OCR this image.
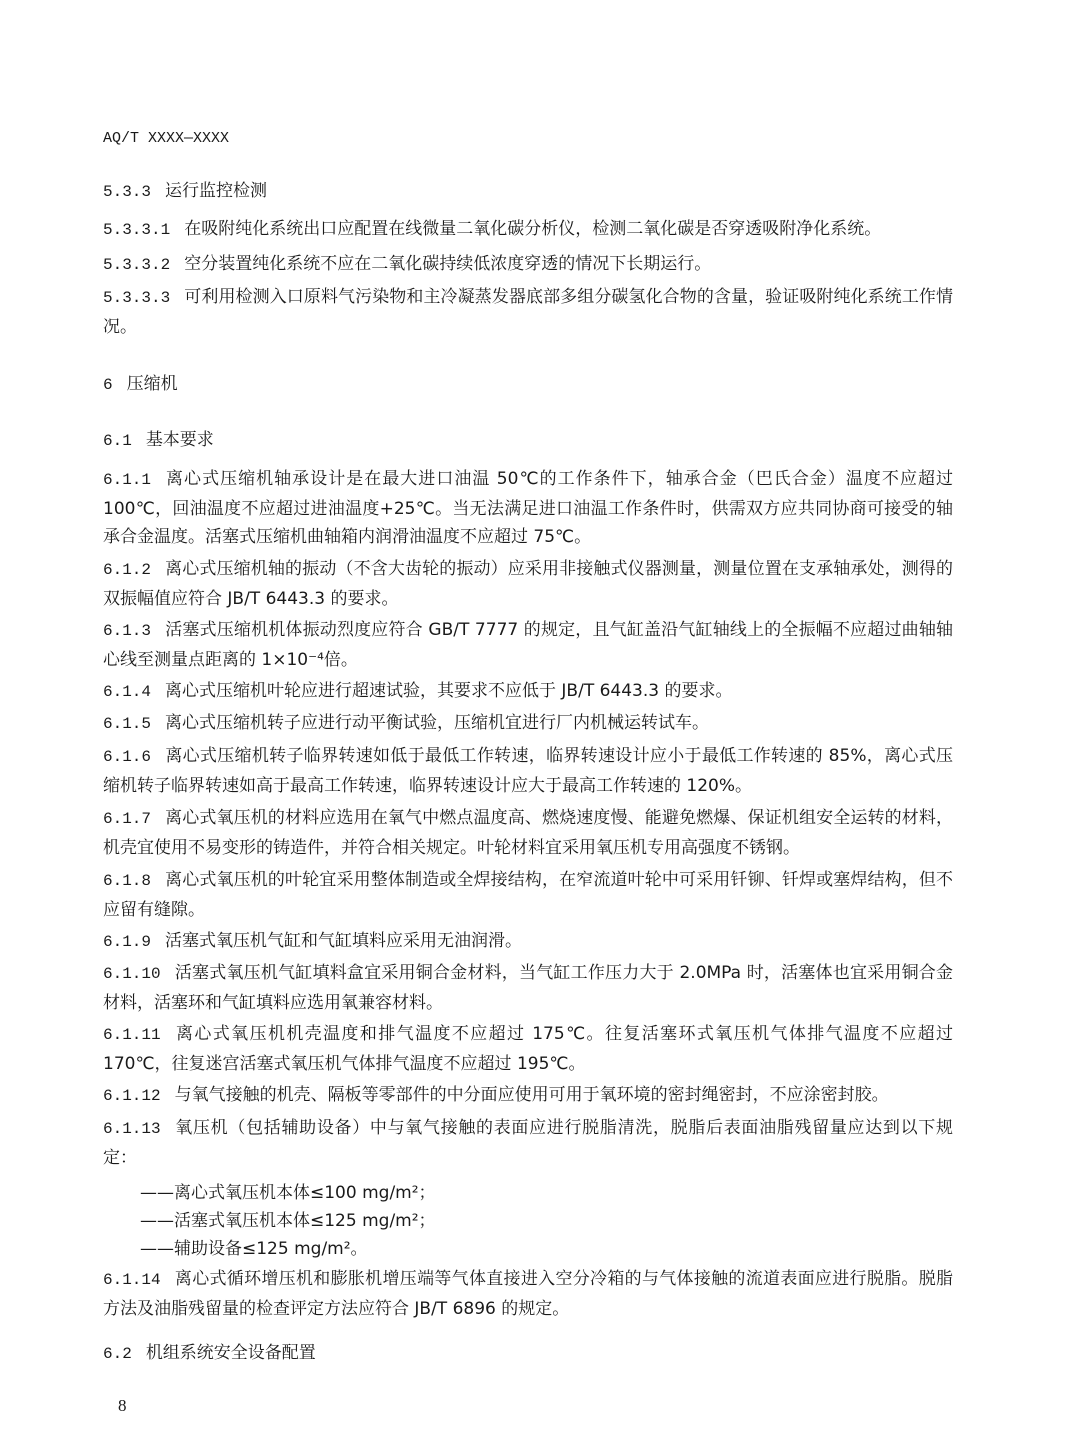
AQ/T XXXX—XXXX
5.3.3 运行监控检测
5.3.3.1 在吸附纯化系统出口应配置在线微量二氧化碳分析仪，检测二氧化碳是否穿透吸附净化系统。
5.3.3.2 空分装置纯化系统不应在二氧化碳持续低浓度穿透的情况下长期运行。
5.3.3.3 可利用检测入口原料气污染物和主冷凝蒸发器底部多组分碳氢化合物的含量，验证吸附纯化系统工作情况。
6 压缩机
6.1 基本要求
6.1.1 离心式压缩机轴承设计是在最大进口油温 50℃的工作条件下，轴承合金（巴氏合金）温度不应超过 100℃，回油温度不应超过进油温度+25℃。当无法满足进口油温工作条件时，供需双方应共同协商可接受的轴承合金温度。活塞式压缩机曲轴箱内润滑油温度不应超过 75℃。
6.1.2 离心式压缩机轴的振动（不含大齿轮的振动）应采用非接触式仪器测量，测量位置在支承轴承处，测得的双振幅值应符合 JB/T 6443.3 的要求。
6.1.3 活塞式压缩机机体振动烈度应符合 GB/T 7777 的规定，且气缸盖沿气缸轴线上的全振幅不应超过曲轴轴心线至测量点距离的 1×10⁻⁴倍。
6.1.4 离心式压缩机叶轮应进行超速试验，其要求不应低于 JB/T 6443.3 的要求。
6.1.5 离心式压缩机转子应进行动平衡试验，压缩机宜进行厂内机械运转试车。
6.1.6 离心式压缩机转子临界转速如低于最低工作转速，临界转速设计应小于最低工作转速的 85%，离心式压缩机转子临界转速如高于最高工作转速，临界转速设计应大于最高工作转速的 120%。
6.1.7 离心式氧压机的材料应选用在氧气中燃点温度高、燃烧速度慢、能避免燃爆、保证机组安全运转的材料，机壳宜使用不易变形的铸造件，并符合相关规定。叶轮材料宜采用氧压机专用高强度不锈钢。
6.1.8 离心式氧压机的叶轮宜采用整体制造或全焊接结构，在窄流道叶轮中可采用钎铆、钎焊或塞焊结构，但不应留有缝隙。
6.1.9 活塞式氧压机气缸和气缸填料应采用无油润滑。
6.1.10 活塞式氧压机气缸填料盒宜采用铜合金材料，当气缸工作压力大于 2.0MPa 时，活塞体也宜采用铜合金材料，活塞环和气缸填料应选用氧兼容材料。
6.1.11 离心式氧压机机壳温度和排气温度不应超过 175℃。往复活塞环式氧压机气体排气温度不应超过 170℃，往复迷宫活塞式氧压机气体排气温度不应超过 195℃。
6.1.12 与氧气接触的机壳、隔板等零部件的中分面应使用可用于氧环境的密封绳密封，不应涂密封胶。
6.1.13 氧压机（包括辅助设备）中与氧气接触的表面应进行脱脂清洗，脱脂后表面油脂残留量应达到以下规定：
——离心式氧压机本体≤100 mg/m²；
——活塞式氧压机本体≤125 mg/m²；
——辅助设备≤125 mg/m²。
6.1.14 离心式循环增压机和膨胀机增压端等气体直接进入空分冷箱的与气体接触的流道表面应进行脱脂。脱脂方法及油脂残留量的检查评定方法应符合 JB/T 6896 的规定。
6.2 机组系统安全设备配置
8
